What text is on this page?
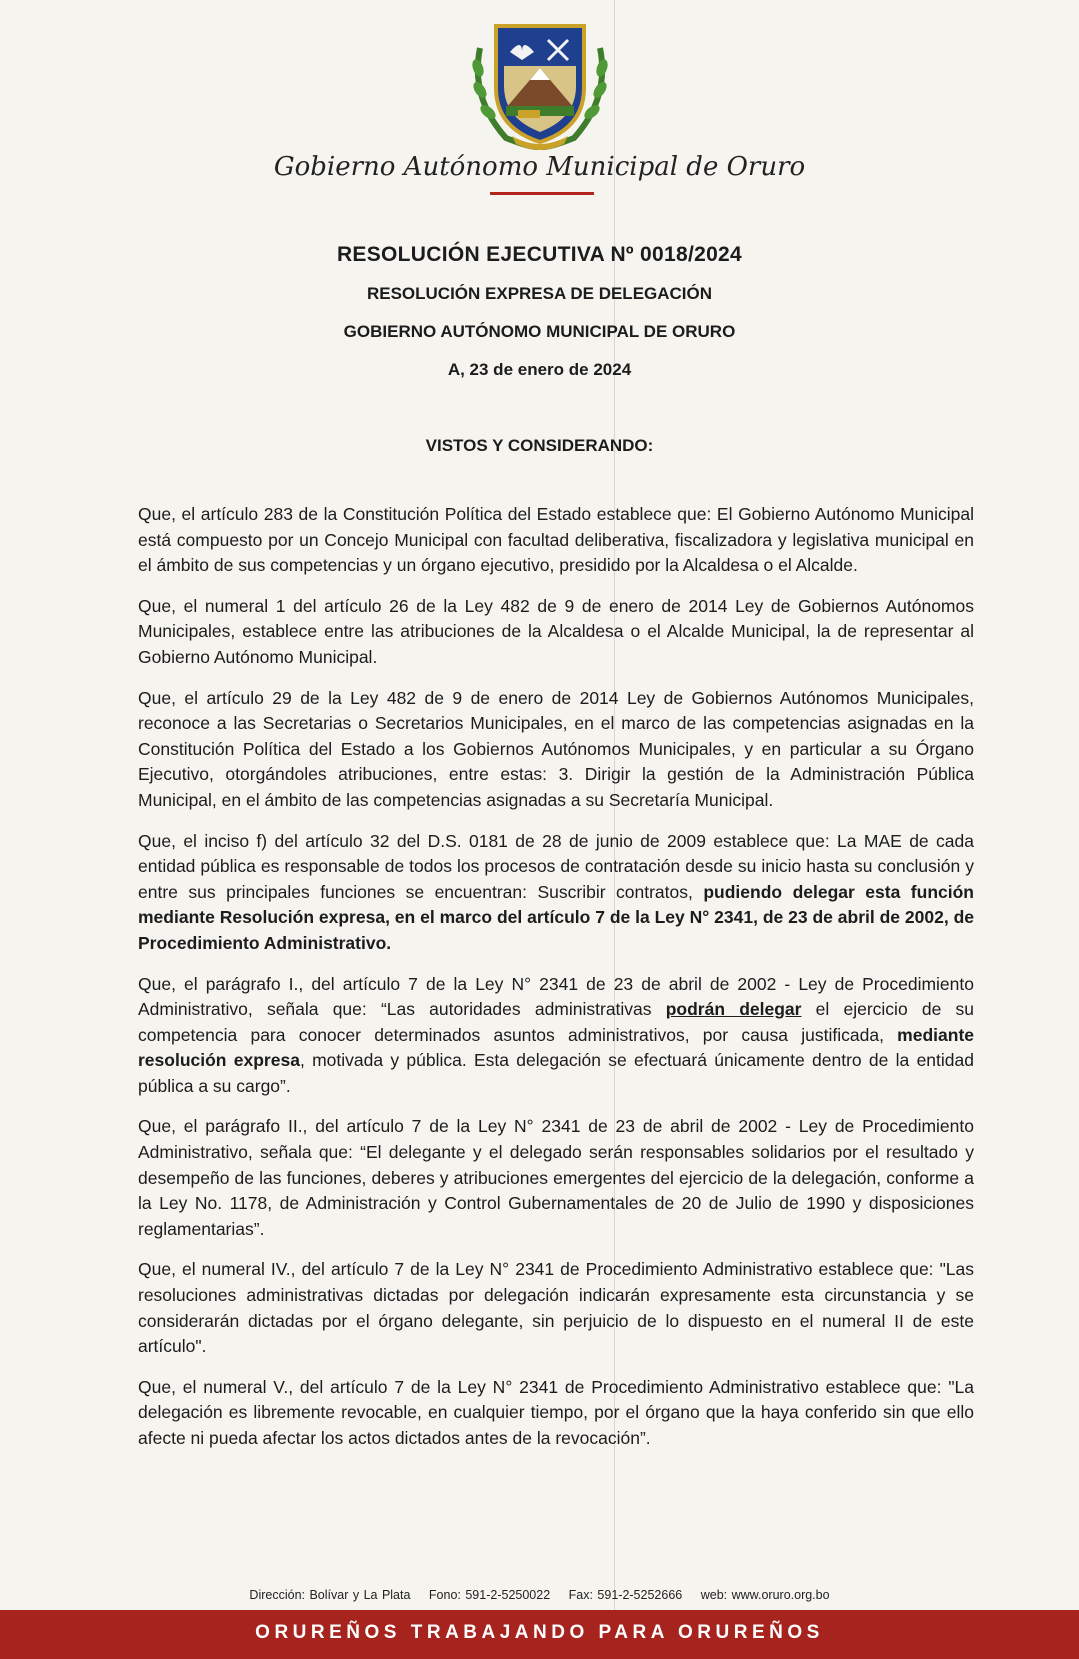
Gobierno Autónomo Municipal de Oruro
RESOLUCIÓN EJECUTIVA Nº 0018/2024
RESOLUCIÓN EXPRESA DE DELEGACIÓN
GOBIERNO AUTÓNOMO MUNICIPAL DE ORURO
A, 23 de enero de 2024
VISTOS Y CONSIDERANDO:

Que, el artículo 283 de la Constitución Política del Estado establece que: El Gobierno Autónomo Municipal está compuesto por un Concejo Municipal con facultad deliberativa, fiscalizadora y legislativa municipal en el ámbito de sus competencias y un órgano ejecutivo, presidido por la Alcaldesa o el Alcalde.

Que, el numeral 1 del artículo 26 de la Ley 482 de 9 de enero de 2014 Ley de Gobiernos Autónomos Municipales, establece entre las atribuciones de la Alcaldesa o el Alcalde Municipal, la de representar al Gobierno Autónomo Municipal.

Que, el artículo 29 de la Ley 482 de 9 de enero de 2014 Ley de Gobiernos Autónomos Municipales, reconoce a las Secretarias o Secretarios Municipales, en el marco de las competencias asignadas en la Constitución Política del Estado a los Gobiernos Autónomos Municipales, y en particular a su Órgano Ejecutivo, otorgándoles atribuciones, entre estas: 3. Dirigir la gestión de la Administración Pública Municipal, en el ámbito de las competencias asignadas a su Secretaría Municipal.

Que, el inciso f) del artículo 32 del D.S. 0181 de 28 de junio de 2009 establece que: La MAE de cada entidad pública es responsable de todos los procesos de contratación desde su inicio hasta su conclusión y entre sus principales funciones se encuentran: Suscribir contratos, pudiendo delegar esta función mediante Resolución expresa, en el marco del artículo 7 de la Ley N° 2341, de 23 de abril de 2002, de Procedimiento Administrativo.

Que, el parágrafo I., del artículo 7 de la Ley N° 2341 de 23 de abril de 2002 - Ley de Procedimiento Administrativo, señala que: “Las autoridades administrativas podrán delegar el ejercicio de su competencia para conocer determinados asuntos administrativos, por causa justificada, mediante resolución expresa, motivada y pública. Esta delegación se efectuará únicamente dentro de la entidad pública a su cargo”.

Que, el parágrafo II., del artículo 7 de la Ley N° 2341 de 23 de abril de 2002 - Ley de Procedimiento Administrativo, señala que: “El delegante y el delegado serán responsables solidarios por el resultado y desempeño de las funciones, deberes y atribuciones emergentes del ejercicio de la delegación, conforme a la Ley No. 1178, de Administración y Control Gubernamentales de 20 de Julio de 1990 y disposiciones reglamentarias”.

Que, el numeral IV., del artículo 7 de la Ley N° 2341 de Procedimiento Administrativo establece que: "Las resoluciones administrativas dictadas por delegación indicarán expresamente esta circunstancia y se considerarán dictadas por el órgano delegante, sin perjuicio de lo dispuesto en el numeral II de este artículo".

Que, el numeral V., del artículo 7 de la Ley N° 2341 de Procedimiento Administrativo establece que: "La delegación es libremente revocable, en cualquier tiempo, por el órgano que la haya conferido sin que ello afecte ni pueda afectar los actos dictados antes de la revocación”.

Dirección: Bolívar y La Plata Fono: 591-2-5250022 Fax: 591-2-5252666 web: www.oruro.org.bo
ORUREÑOS TRABAJANDO PARA ORUREÑOS
